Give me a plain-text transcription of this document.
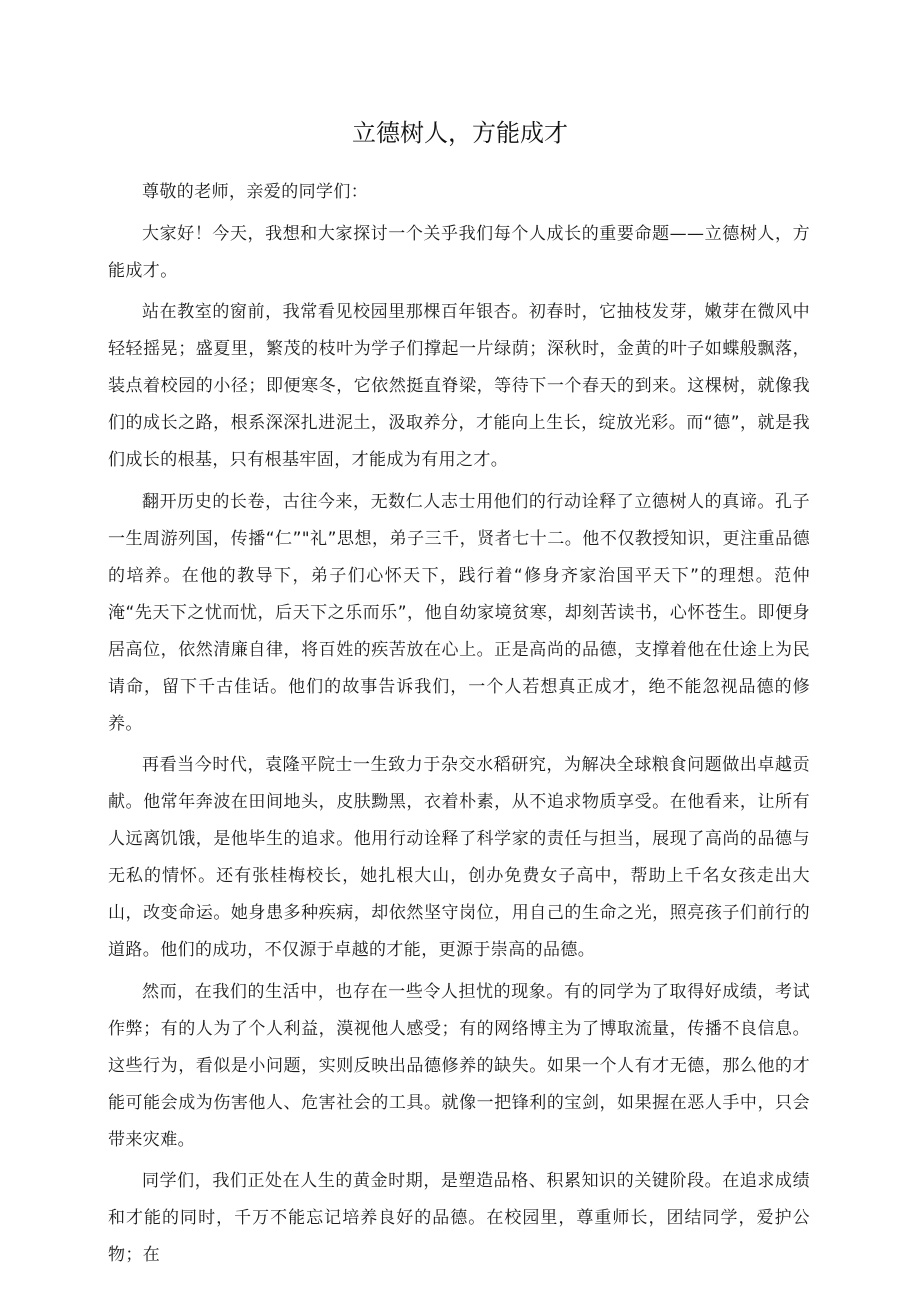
立德树人，方能成才

尊敬的老师，亲爱的同学们：

大家好！今天，我想和大家探讨一个关乎我们每个人成长的重要命题——立德树人，方能成才。

站在教室的窗前，我常看见校园里那棵百年银杏。初春时，它抽枝发芽，嫩芽在微风中轻轻摇晃；盛夏里，繁茂的枝叶为学子们撑起一片绿荫；深秋时，金黄的叶子如蝶般飘落，装点着校园的小径；即便寒冬，它依然挺直脊梁，等待下一个春天的到来。这棵树，就像我们的成长之路，根系深深扎进泥土，汲取养分，才能向上生长，绽放光彩。而“德”，就是我们成长的根基，只有根基牢固，才能成为有用之才。

翻开历史的长卷，古往今来，无数仁人志士用他们的行动诠释了立德树人的真谛。孔子一生周游列国，传播“仁”"礼”思想，弟子三千，贤者七十二。他不仅教授知识，更注重品德的培养。在他的教导下，弟子们心怀天下，践行着“修身齐家治国平天下”的理想。范仲淹“先天下之忧而忧，后天下之乐而乐”，他自幼家境贫寒，却刻苦读书，心怀苍生。即便身居高位，依然清廉自律，将百姓的疾苦放在心上。正是高尚的品德，支撑着他在仕途上为民请命，留下千古佳话。他们的故事告诉我们，一个人若想真正成才，绝不能忽视品德的修养。

再看当今时代，袁隆平院士一生致力于杂交水稻研究，为解决全球粮食问题做出卓越贡献。他常年奔波在田间地头，皮肤黝黑，衣着朴素，从不追求物质享受。在他看来，让所有人远离饥饿，是他毕生的追求。他用行动诠释了科学家的责任与担当，展现了高尚的品德与无私的情怀。还有张桂梅校长，她扎根大山，创办免费女子高中，帮助上千名女孩走出大山，改变命运。她身患多种疾病，却依然坚守岗位，用自己的生命之光，照亮孩子们前行的道路。他们的成功，不仅源于卓越的才能，更源于崇高的品德。

然而，在我们的生活中，也存在一些令人担忧的现象。有的同学为了取得好成绩，考试作弊；有的人为了个人利益，漠视他人感受；有的网络博主为了博取流量，传播不良信息。这些行为，看似是小问题，实则反映出品德修养的缺失。如果一个人有才无德，那么他的才能可能会成为伤害他人、危害社会的工具。就像一把锋利的宝剑，如果握在恶人手中，只会带来灾难。

同学们，我们正处在人生的黄金时期，是塑造品格、积累知识的关键阶段。在追求成绩和才能的同时，千万不能忘记培养良好的品德。在校园里，尊重师长，团结同学，爱护公物；在
